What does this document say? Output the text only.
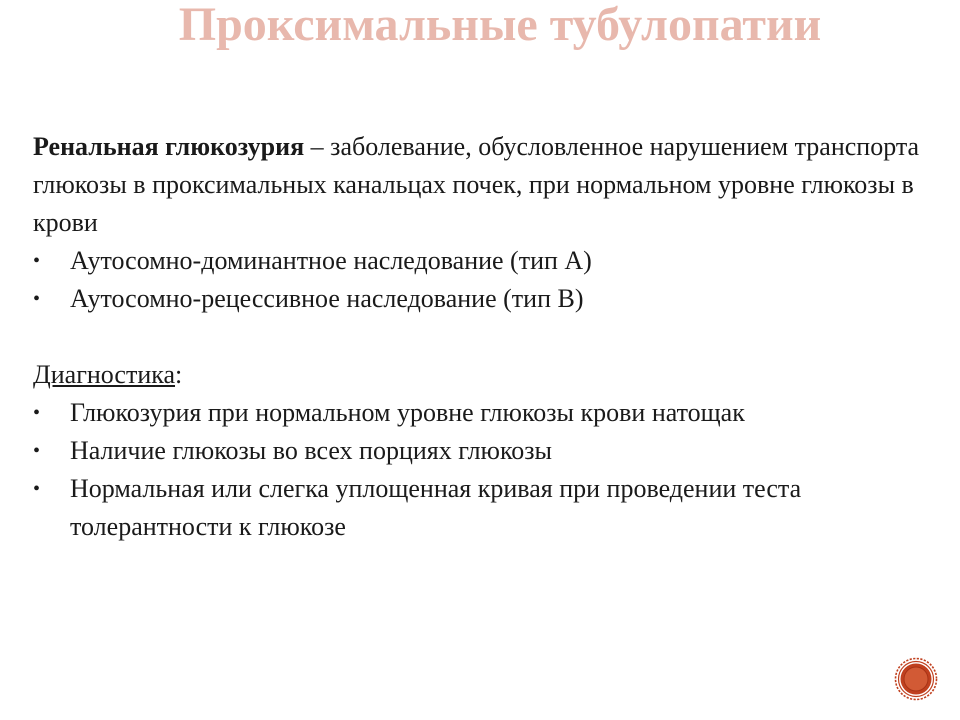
Проксимальные тубулопатии

Ренальная глюкозурия – заболевание, обусловленное нарушением транспорта глюкозы в проксимальных канальцах почек, при нормальном уровне глюкозы в крови

• Аутосомно-доминантное наследование (тип А)
• Аутосомно-рецессивное наследование (тип В)

Диагностика:

• Глюкозурия при нормальном уровне глюкозы крови натощак
• Наличие глюкозы во всех порциях глюкозы
• Нормальная или слегка уплощенная кривая при проведении теста толерантности к глюкозе
